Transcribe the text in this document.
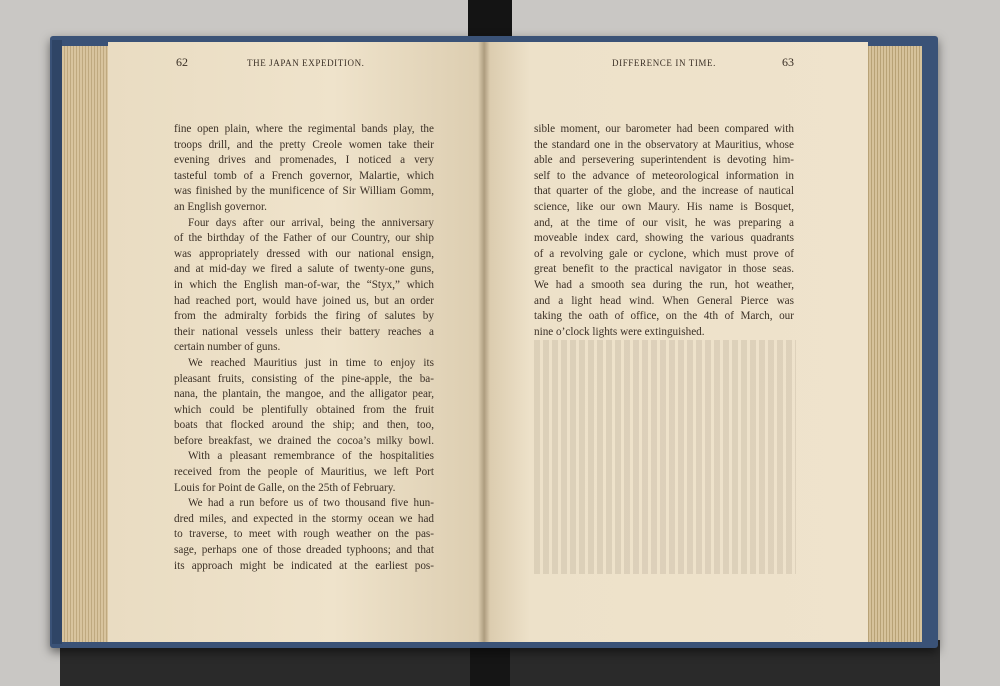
62	THE JAPAN EXPEDITION.	DIFFERENCE IN TIME.	63
fine open plain, where the regimental bands play, the
troops drill, and the pretty Creole women take their
evening drives and promenades, I noticed a very
tasteful tomb of a French governor, Malartie, which
was finished by the munificence of Sir William Gomm,
an English governor.
Four days after our arrival, being the anniversary
of the birthday of the Father of our Country, our ship
was appropriately dressed with our national ensign,
and at mid-day we fired a salute of twenty-one guns,
in which the English man-of-war, the “Styx,” which
had reached port, would have joined us, but an order
from the admiralty forbids the firing of salutes by
their national vessels unless their battery reaches a
certain number of guns.
We reached Mauritius just in time to enjoy its
pleasant fruits, consisting of the pine-apple, the ba-
nana, the plantain, the mangoe, and the alligator pear,
which could be plentifully obtained from the fruit
boats that flocked around the ship; and then, too,
before breakfast, we drained the cocoa’s milky bowl.
With a pleasant remembrance of the hospitalities
received from the people of Mauritius, we left Port
Louis for Point de Galle, on the 25th of February.
We had a run before us of two thousand five hun-
dred miles, and expected in the stormy ocean we had
to traverse, to meet with rough weather on the pas-
sage, perhaps one of those dreaded typhoons; and that
its approach might be indicated at the earliest pos-
sible moment, our barometer had been compared with
the standard one in the observatory at Mauritius, whose
able and persevering superintendent is devoting him-
self to the advance of meteorological information in
that quarter of the globe, and the increase of nautical
science, like our own Maury. His name is Bosquet,
and, at the time of our visit, he was preparing a
moveable index card, showing the various quadrants
of a revolving gale or cyclone, which must prove of
great benefit to the practical navigator in those seas.
We had a smooth sea during the run, hot weather,
and a light head wind. When General Pierce was
taking the oath of office, on the 4th of March, our
nine o’clock lights were extinguished.
